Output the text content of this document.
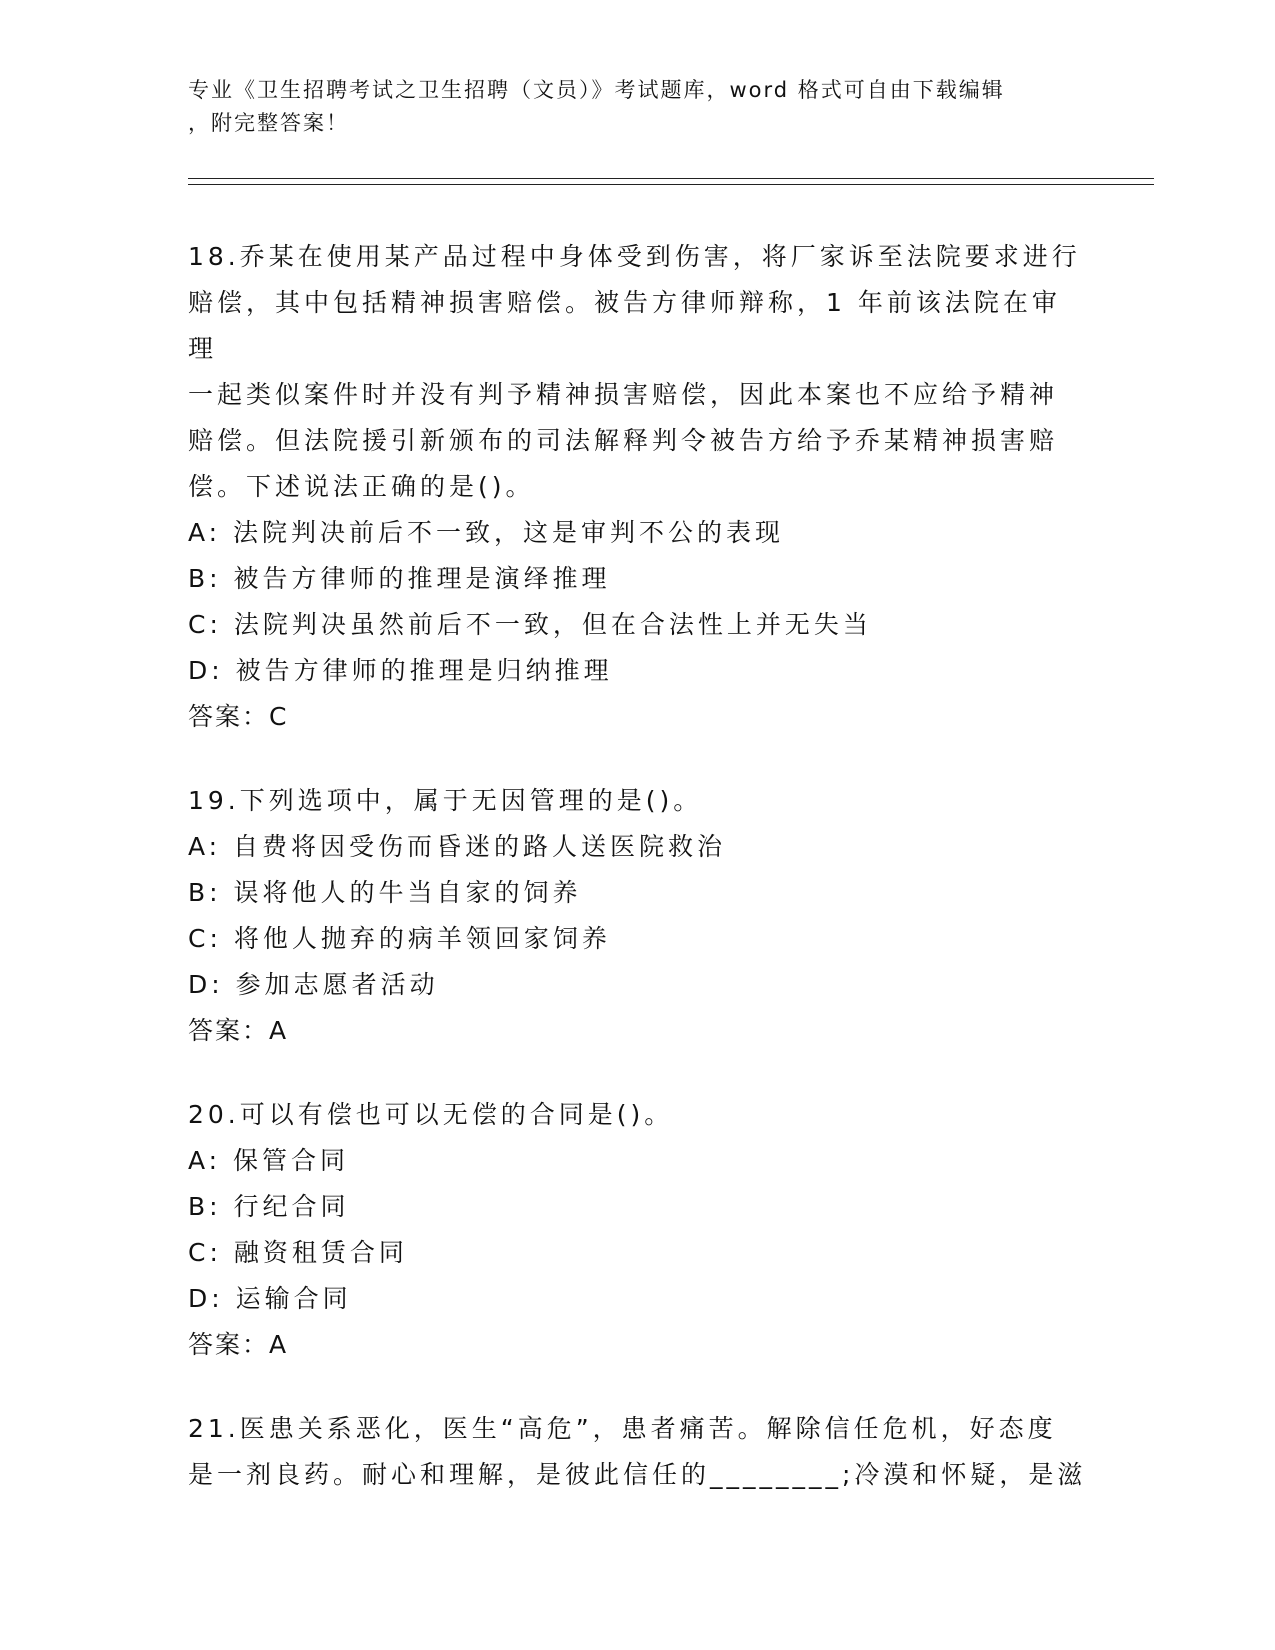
专业《卫生招聘考试之卫生招聘（文员）》考试题库，word 格式可自由下载编辑
，附完整答案！
18.乔某在使用某产品过程中身体受到伤害，将厂家诉至法院要求进行
赔偿，其中包括精神损害赔偿。被告方律师辩称，1 年前该法院在审理
一起类似案件时并没有判予精神损害赔偿，因此本案也不应给予精神
赔偿。但法院援引新颁布的司法解释判令被告方给予乔某精神损害赔
偿。下述说法正确的是()。
A: 法院判决前后不一致，这是审判不公的表现
B: 被告方律师的推理是演绎推理
C: 法院判决虽然前后不一致，但在合法性上并无失当
D: 被告方律师的推理是归纳推理
答案：C
19.下列选项中，属于无因管理的是()。
A: 自费将因受伤而昏迷的路人送医院救治
B: 误将他人的牛当自家的饲养
C: 将他人抛弃的病羊领回家饲养
D: 参加志愿者活动
答案：A
20.可以有偿也可以无偿的合同是()。
A: 保管合同
B: 行纪合同
C: 融资租赁合同
D: 运输合同
答案：A
21.医患关系恶化，医生“高危”，患者痛苦。解除信任危机，好态度
是一剂良药。耐心和理解，是彼此信任的________;冷漠和怀疑，是滋
